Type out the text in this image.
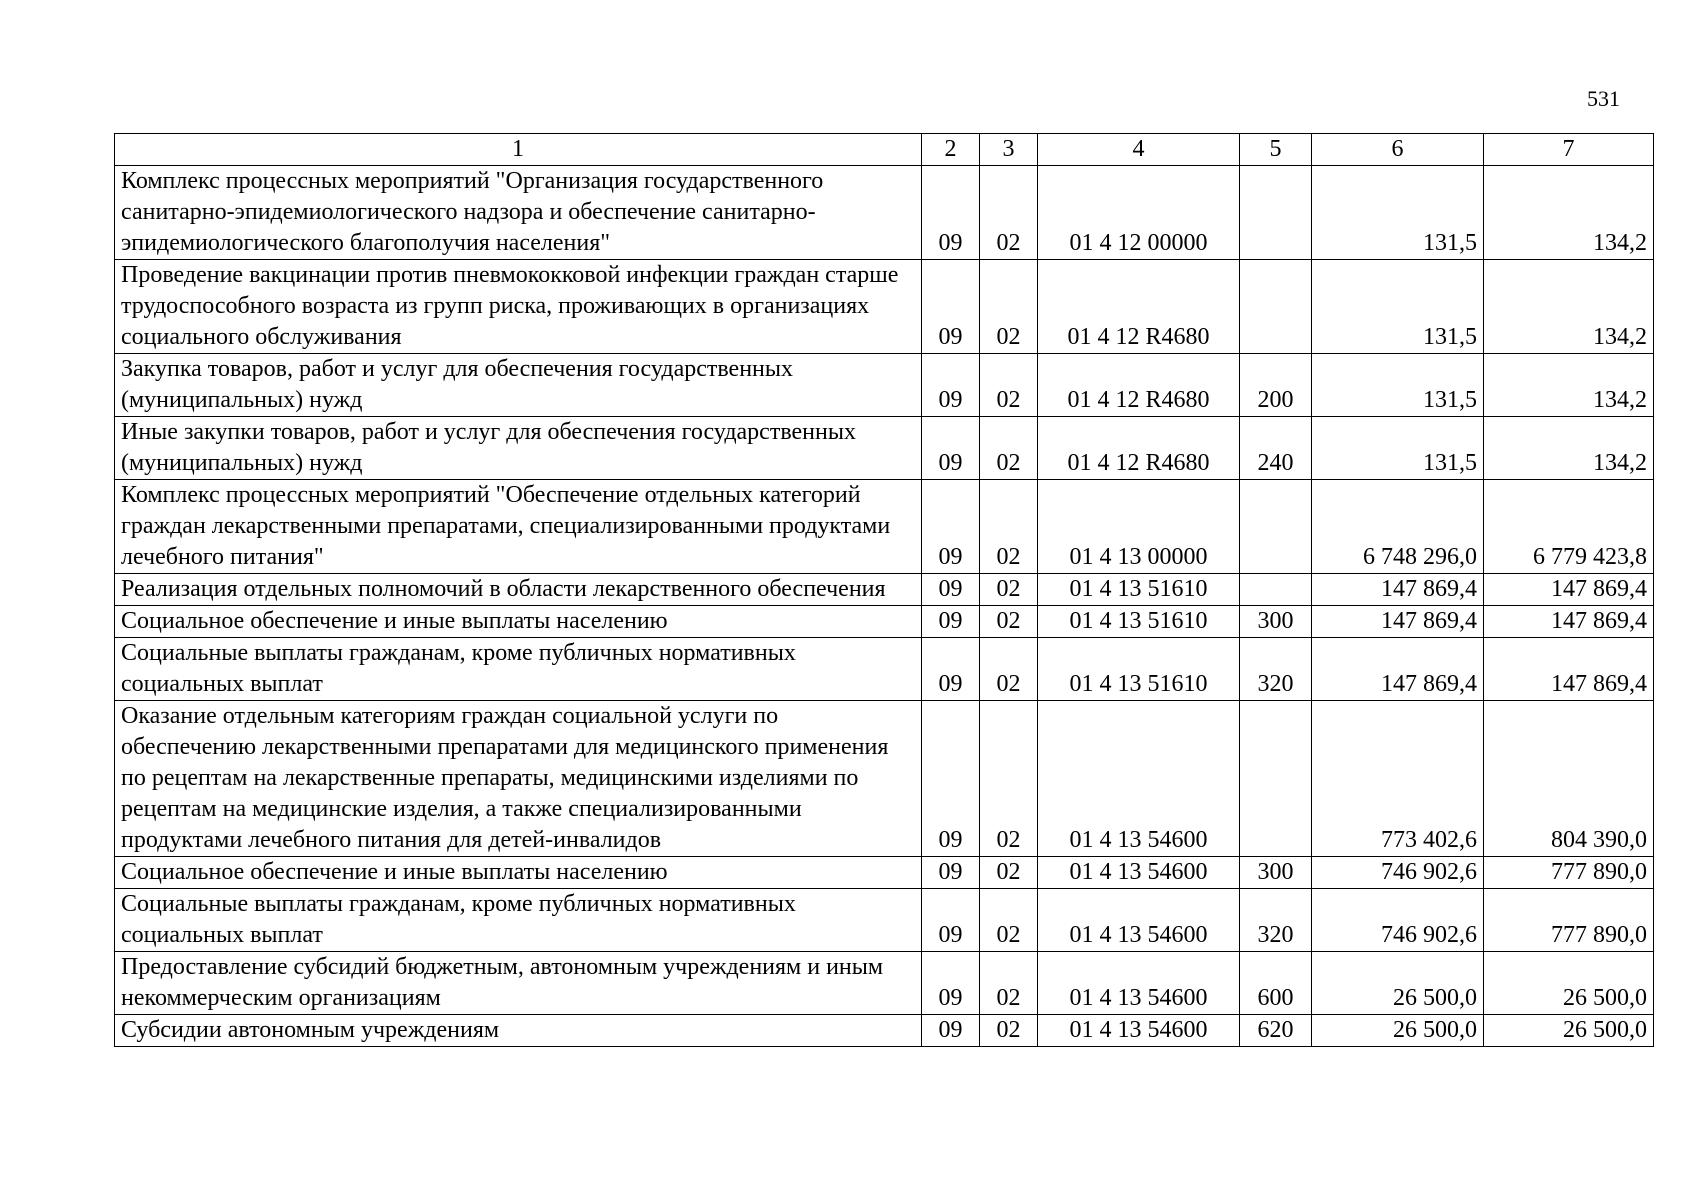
531
1	2	3	4	5	6	7
Комплекс процессных мероприятий "Организация государственного санитарно-эпидемиологического надзора и обеспечение санитарно-эпидемиологического благополучия населения"	09	02	01 4 12 00000		131,5	134,2
Проведение вакцинации против пневмококковой инфекции граждан старше трудоспособного возраста из групп риска, проживающих в организациях социального обслуживания	09	02	01 4 12 R4680		131,5	134,2
Закупка товаров, работ и услуг для обеспечения государственных (муниципальных) нужд	09	02	01 4 12 R4680	200	131,5	134,2
Иные закупки товаров, работ и услуг для обеспечения государственных (муниципальных) нужд	09	02	01 4 12 R4680	240	131,5	134,2
Комплекс процессных мероприятий "Обеспечение отдельных категорий граждан лекарственными препаратами, специализированными продуктами лечебного питания"	09	02	01 4 13 00000		6 748 296,0	6 779 423,8
Реализация отдельных полномочий в области лекарственного обеспечения	09	02	01 4 13 51610		147 869,4	147 869,4
Социальное обеспечение и иные выплаты населению	09	02	01 4 13 51610	300	147 869,4	147 869,4
Социальные выплаты гражданам, кроме публичных нормативных социальных выплат	09	02	01 4 13 51610	320	147 869,4	147 869,4
Оказание отдельным категориям граждан социальной услуги по обеспечению лекарственными препаратами для медицинского применения по рецептам на лекарственные препараты, медицинскими изделиями по рецептам на медицинские изделия, а также специализированными продуктами лечебного питания для детей-инвалидов	09	02	01 4 13 54600		773 402,6	804 390,0
Социальное обеспечение и иные выплаты населению	09	02	01 4 13 54600	300	746 902,6	777 890,0
Социальные выплаты гражданам, кроме публичных нормативных социальных выплат	09	02	01 4 13 54600	320	746 902,6	777 890,0
Предоставление субсидий бюджетным, автономным учреждениям и иным некоммерческим организациям	09	02	01 4 13 54600	600	26 500,0	26 500,0
Субсидии автономным учреждениям	09	02	01 4 13 54600	620	26 500,0	26 500,0
